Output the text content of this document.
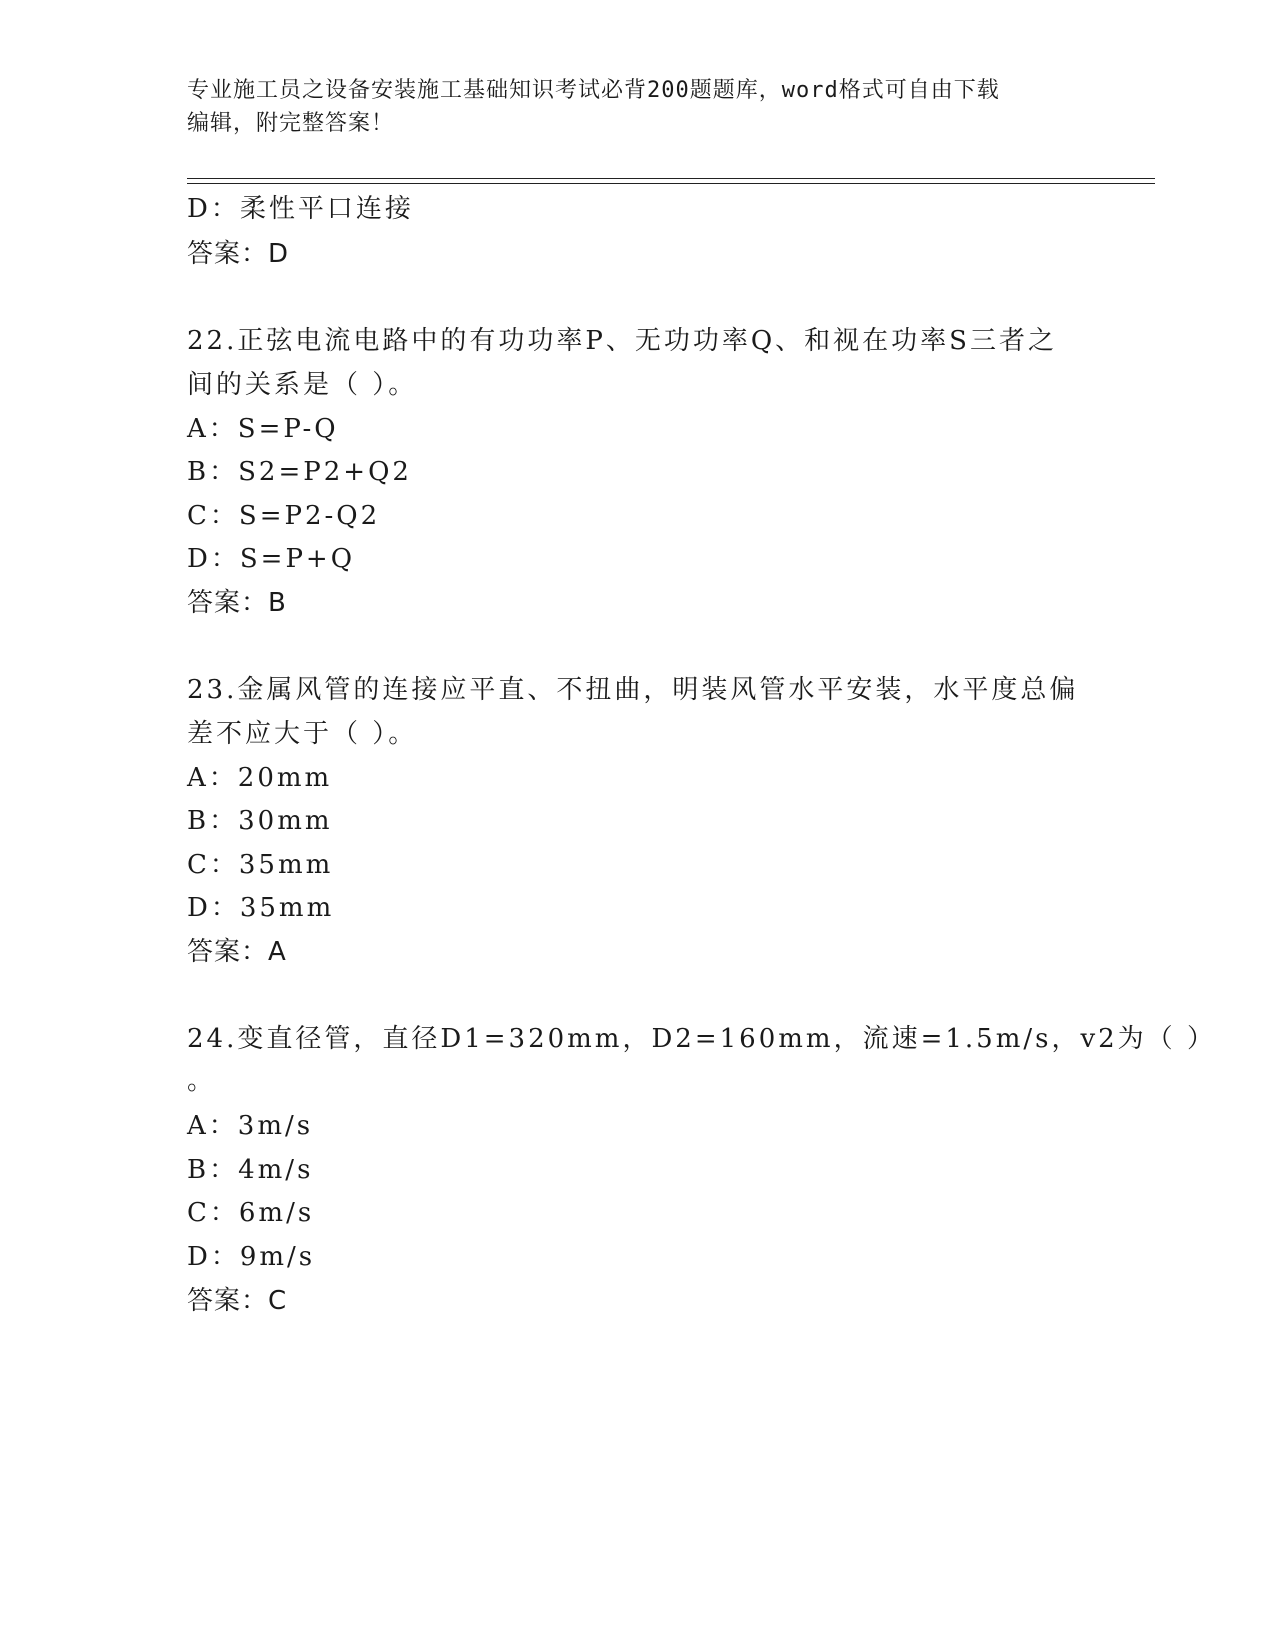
专业施工员之设备安装施工基础知识考试必背200题题库，word格式可自由下载
编辑，附完整答案！
D：柔性平口连接
答案：D
22.正弦电流电路中的有功功率P、无功功率Q、和视在功率S三者之
间的关系是（ ）。
A：S=P-Q
B：S2=P2+Q2
C：S=P2-Q2
D：S=P+Q
答案：B
23.金属风管的连接应平直、不扭曲，明装风管水平安装，水平度总偏
差不应大于（ ）。
A：20mm
B：30mm
C：35mm
D：35mm
答案：A
24.变直径管，直径D1=320mm，D2=160mm，流速=1.5m/s，v2为（ ）
。
A：3m/s
B：4m/s
C：6m/s
D：9m/s
答案：C
